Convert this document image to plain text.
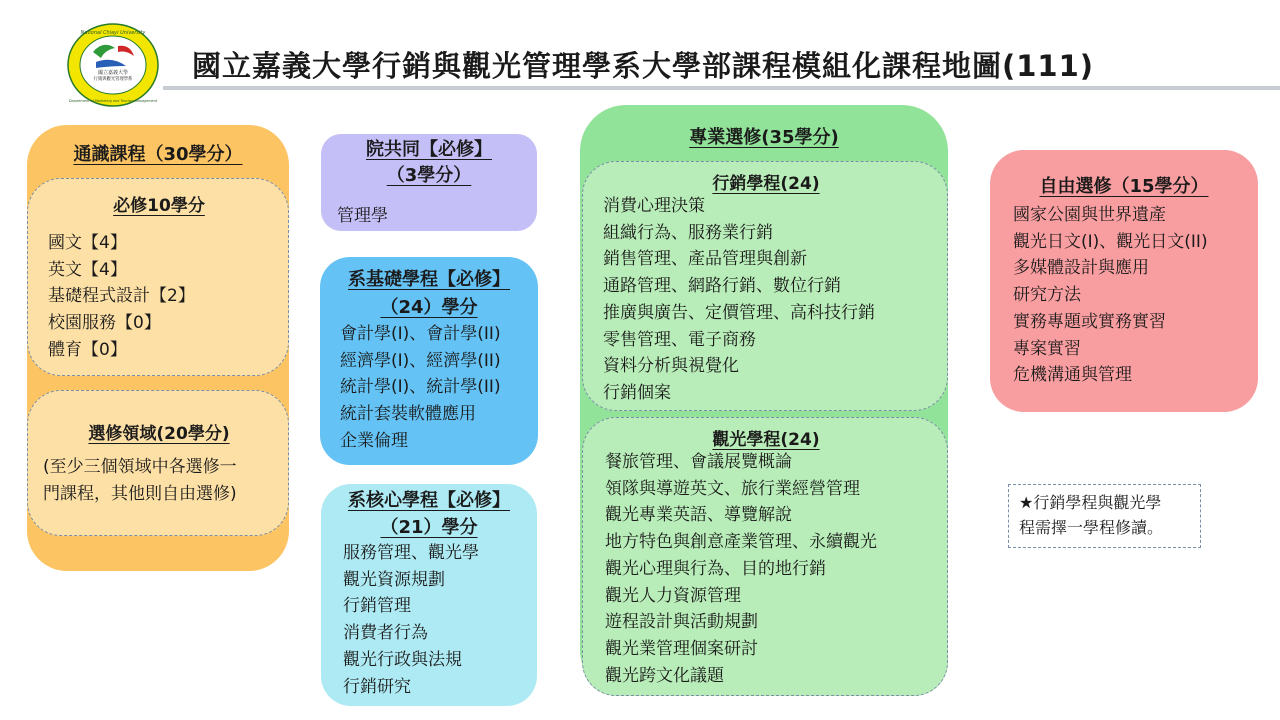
國立嘉義大學
行銷與觀光管理學系
National Chiayi University
Department of Marketing and Tourism Management
國立嘉義大學行銷與觀光管理學系大學部課程模組化課程地圖(111)
通識課程（30學分）
必修10學分
國文【4】
英文【4】
基礎程式設計【2】
校園服務【0】
體育【0】
選修領域(20學分)
(至少三個領域中各選修一
門課程，其他則自由選修)
院共同【必修】
（3學分）
管理學
系基礎學程【必修】
（24）學分
會計學(I)、會計學(II)
經濟學(I)、經濟學(II)
統計學(I)、統計學(II)
統計套裝軟體應用
企業倫理
系核心學程【必修】
（21）學分
服務管理、觀光學
觀光資源規劃
行銷管理
消費者行為
觀光行政與法規
行銷研究
專業選修(35學分)
行銷學程(24)
消費心理決策
組織行為、服務業行銷
銷售管理、產品管理與創新
通路管理、網路行銷、數位行銷
推廣與廣告、定價管理、高科技行銷
零售管理、電子商務
資料分析與視覺化
行銷個案
觀光學程(24)
餐旅管理、會議展覽概論
領隊與導遊英文、旅行業經營管理
觀光專業英語、導覽解說
地方特色與創意產業管理、永續觀光
觀光心理與行為、目的地行銷
觀光人力資源管理
遊程設計與活動規劃
觀光業管理個案研討
觀光跨文化議題
自由選修（15學分）
國家公園與世界遺產
觀光日文(I)、觀光日文(II)
多媒體設計與應用
研究方法
實務專題或實務實習
專案實習
危機溝通與管理
★行銷學程與觀光學
程需擇一學程修讀。
